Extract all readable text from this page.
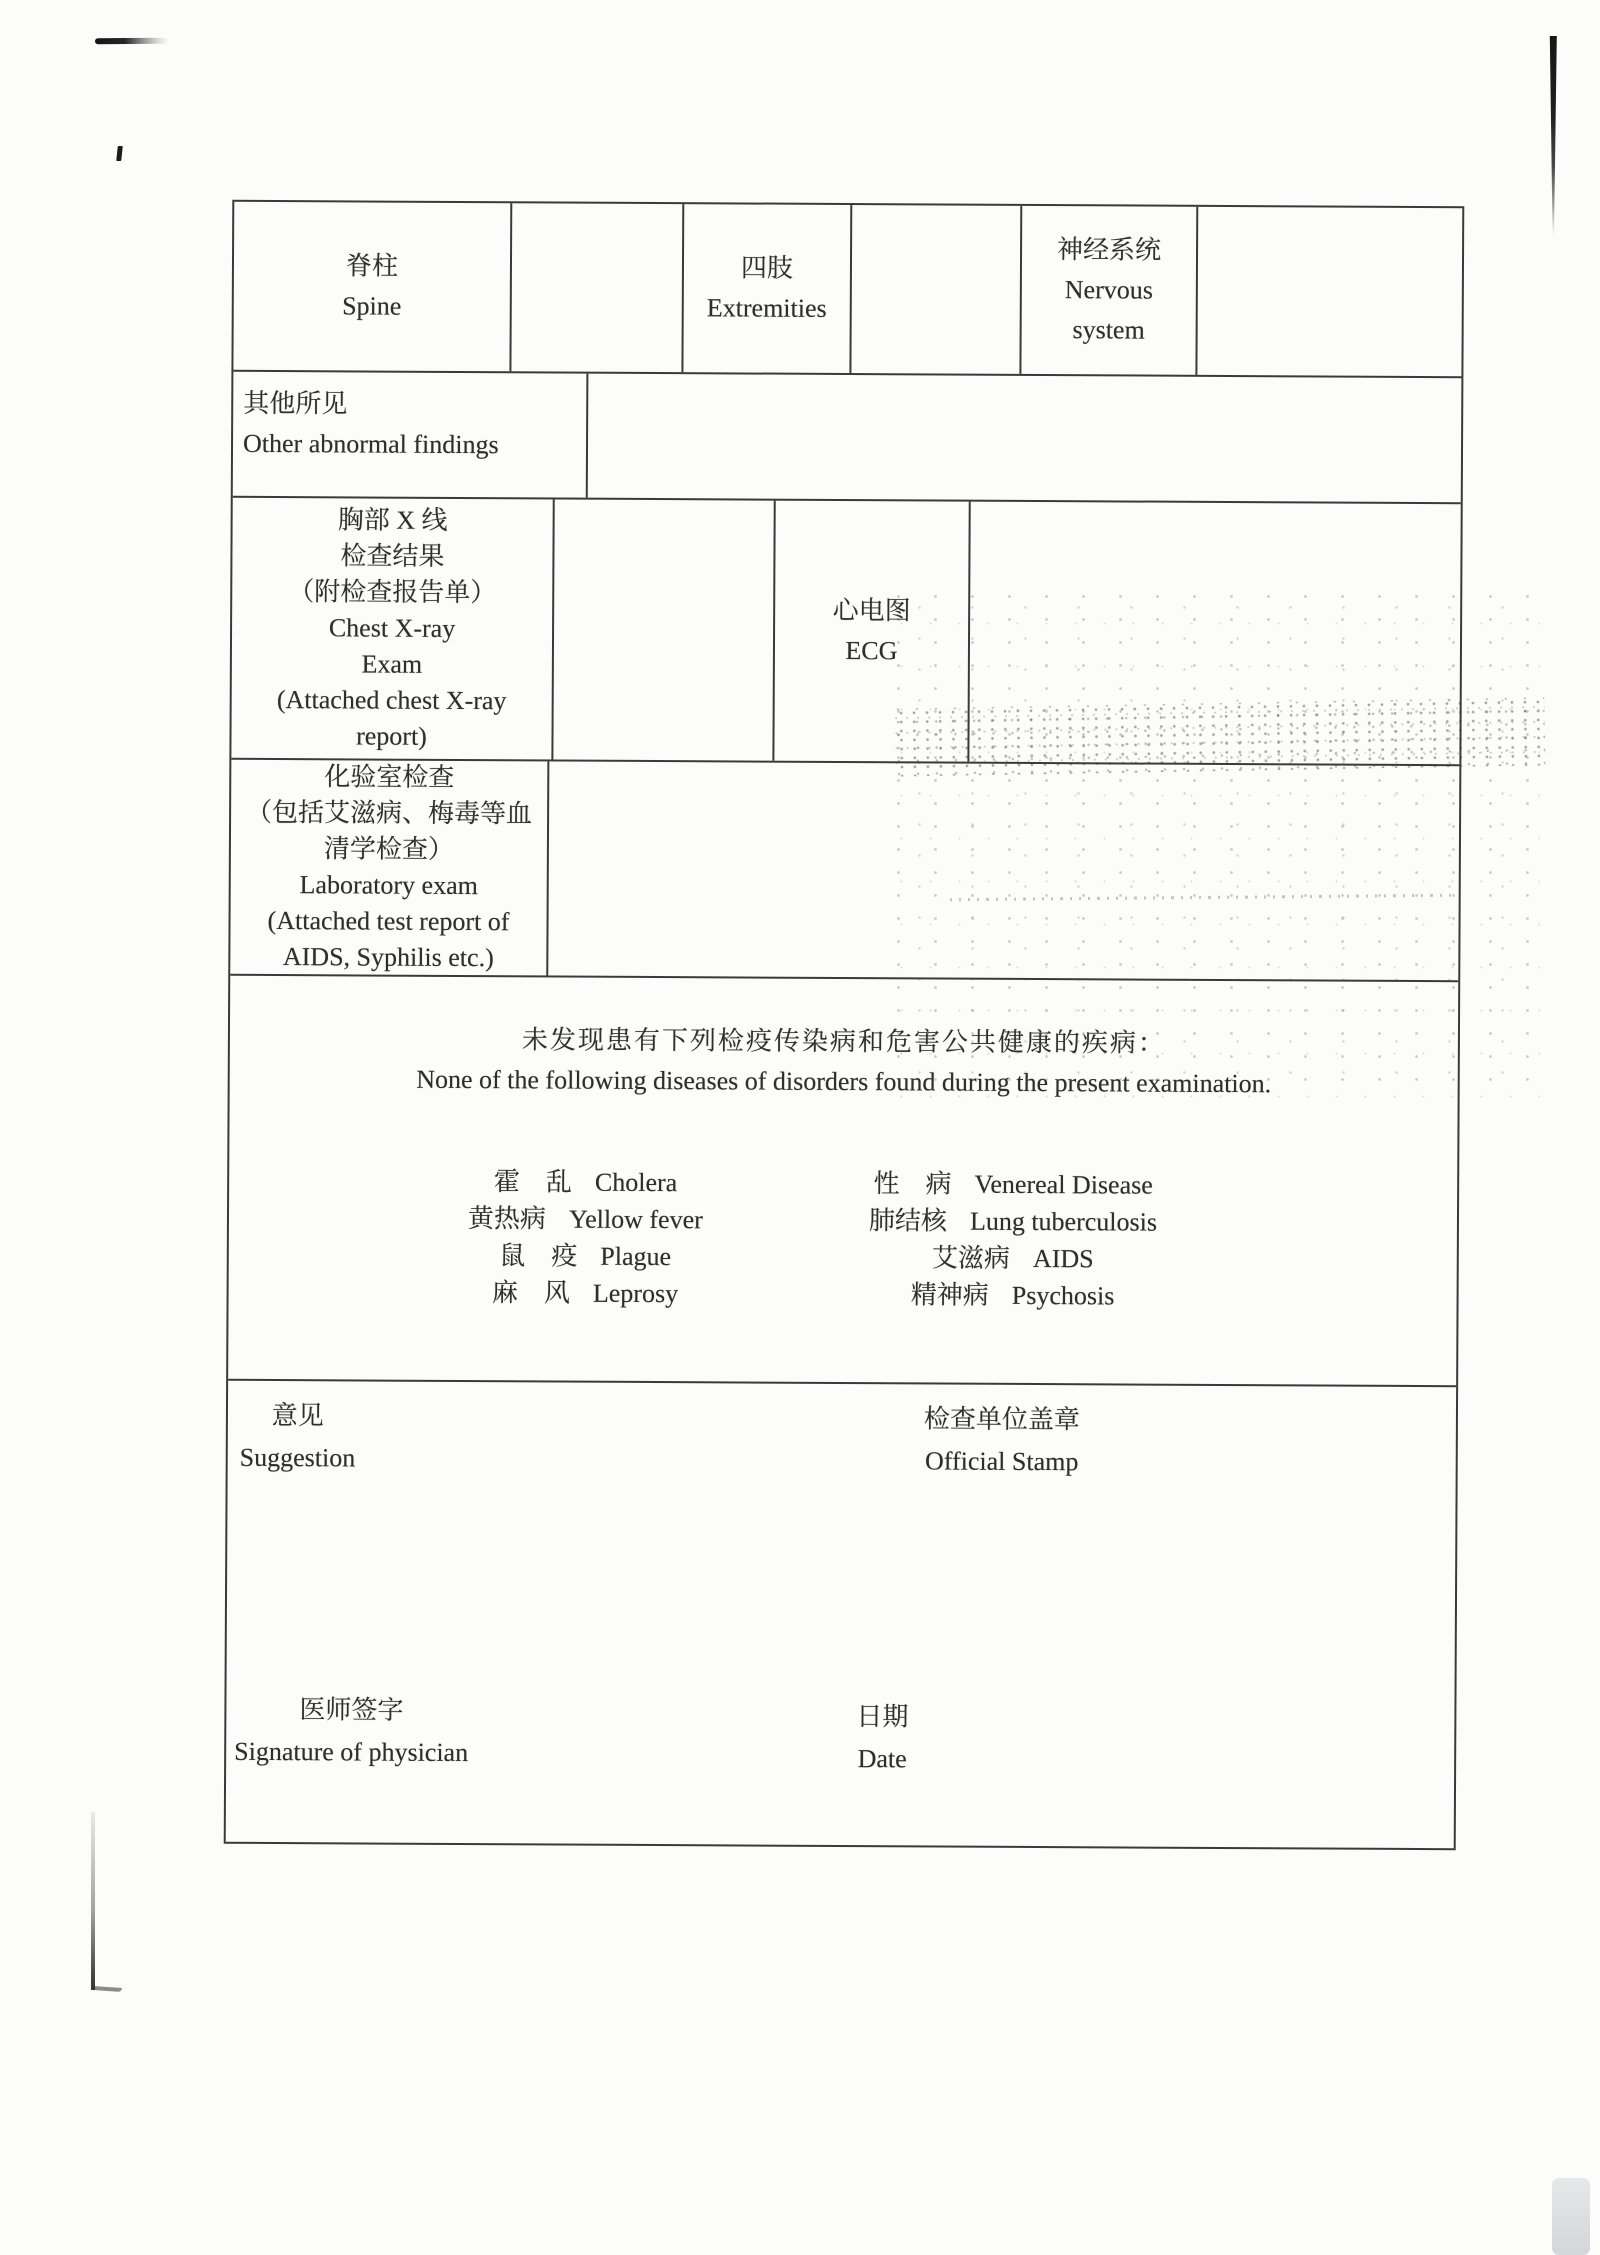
脊柱
Spine
四肢
Extremities
神经系统
Nervous
system
其他所见
Other abnormal findings
胸部 X 线
检查结果
（附检查报告单）
Chest X-ray
Exam
(Attached chest X-ray
report)
心电图
ECG
化验室检查
（包括艾滋病、梅毒等血
清学检查）
Laboratory exam
(Attached test report of
AIDS, Syphilis etc.)
未发现患有下列检疫传染病和危害公共健康的疾病：
None of the following diseases of disorders found during the present examination.
霍　乱 Cholera
黄热病 Yellow fever
鼠　疫 Plague
麻　风 Leprosy
性　病 Venereal Disease
肺结核 Lung tuberculosis
艾滋病 AIDS
精神病 Psychosis
意见
Suggestion
检查单位盖章
Official Stamp
医师签字
Signature of physician
日期
Date
